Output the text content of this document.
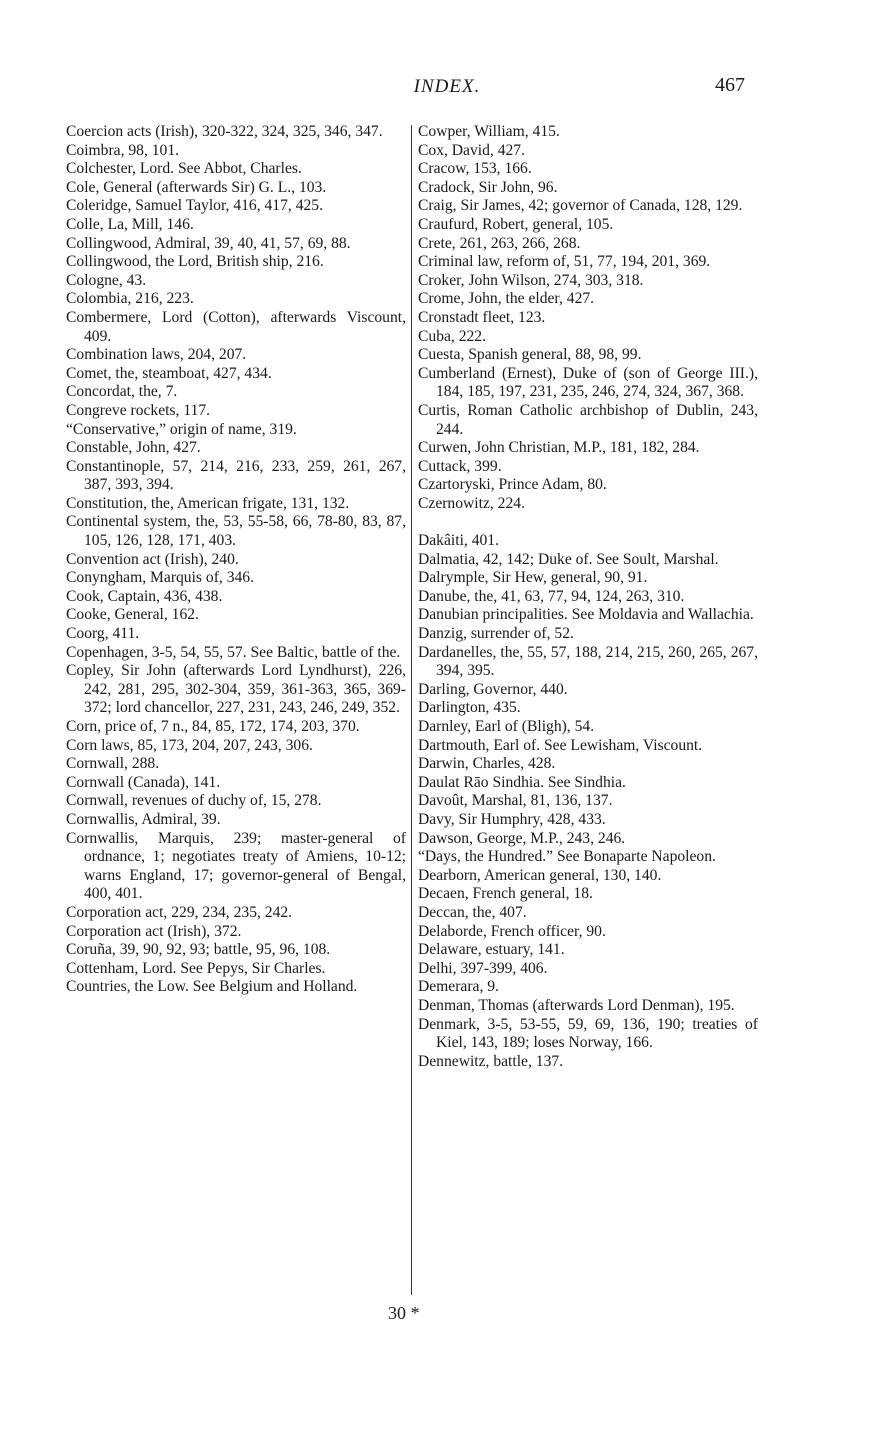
INDEX.	467
Coercion acts (Irish), 320-322, 324, 325, 346, 347.
Coimbra, 98, 101.
Colchester, Lord. See Abbot, Charles.
Cole, General (afterwards Sir) G. L., 103.
Coleridge, Samuel Taylor, 416, 417, 425.
Colle, La, Mill, 146.
Collingwood, Admiral, 39, 40, 41, 57, 69, 88.
Collingwood, the Lord, British ship, 216.
Cologne, 43.
Colombia, 216, 223.
Combermere, Lord (Cotton), afterwards Viscount, 409.
Combination laws, 204, 207.
Comet, the, steamboat, 427, 434.
Concordat, the, 7.
Congreve rockets, 117.
“Conservative,” origin of name, 319.
Constable, John, 427.
Constantinople, 57, 214, 216, 233, 259, 261, 267, 387, 393, 394.
Constitution, the, American frigate, 131, 132.
Continental system, the, 53, 55-58, 66, 78-80, 83, 87, 105, 126, 128, 171, 403.
Convention act (Irish), 240.
Conyngham, Marquis of, 346.
Cook, Captain, 436, 438.
Cooke, General, 162.
Coorg, 411.
Copenhagen, 3-5, 54, 55, 57. See Baltic, battle of the.
Copley, Sir John (afterwards Lord Lyndhurst), 226, 242, 281, 295, 302-304, 359, 361-363, 365, 369-372; lord chancellor, 227, 231, 243, 246, 249, 352.
Corn, price of, 7 n., 84, 85, 172, 174, 203, 370.
Corn laws, 85, 173, 204, 207, 243, 306.
Cornwall, 288.
Cornwall (Canada), 141.
Cornwall, revenues of duchy of, 15, 278.
Cornwallis, Admiral, 39.
Cornwallis, Marquis, 239; master-general of ordnance, 1; negotiates treaty of Amiens, 10-12; warns England, 17; governor-general of Bengal, 400, 401.
Corporation act, 229, 234, 235, 242.
Corporation act (Irish), 372.
Coruña, 39, 90, 92, 93; battle, 95, 96, 108.
Cottenham, Lord. See Pepys, Sir Charles.
Countries, the Low. See Belgium and Holland.
Cowper, William, 415.
Cox, David, 427.
Cracow, 153, 166.
Cradock, Sir John, 96.
Craig, Sir James, 42; governor of Canada, 128, 129.
Craufurd, Robert, general, 105.
Crete, 261, 263, 266, 268.
Criminal law, reform of, 51, 77, 194, 201, 369.
Croker, John Wilson, 274, 303, 318.
Crome, John, the elder, 427.
Cronstadt fleet, 123.
Cuba, 222.
Cuesta, Spanish general, 88, 98, 99.
Cumberland (Ernest), Duke of (son of George III.), 184, 185, 197, 231, 235, 246, 274, 324, 367, 368.
Curtis, Roman Catholic archbishop of Dublin, 243, 244.
Curwen, John Christian, M.P., 181, 182, 284.
Cuttack, 399.
Czartoryski, Prince Adam, 80.
Czernowitz, 224.
Dakâiti, 401.
Dalmatia, 42, 142; Duke of. See Soult, Marshal.
Dalrymple, Sir Hew, general, 90, 91.
Danube, the, 41, 63, 77, 94, 124, 263, 310.
Danubian principalities. See Moldavia and Wallachia.
Danzig, surrender of, 52.
Dardanelles, the, 55, 57, 188, 214, 215, 260, 265, 267, 394, 395.
Darling, Governor, 440.
Darlington, 435.
Darnley, Earl of (Bligh), 54.
Dartmouth, Earl of. See Lewisham, Viscount.
Darwin, Charles, 428.
Daulat Rāo Sindhia. See Sindhia.
Davoût, Marshal, 81, 136, 137.
Davy, Sir Humphry, 428, 433.
Dawson, George, M.P., 243, 246.
“Days, the Hundred.” See Bonaparte Napoleon.
Dearborn, American general, 130, 140.
Decaen, French general, 18.
Deccan, the, 407.
Delaborde, French officer, 90.
Delaware, estuary, 141.
Delhi, 397-399, 406.
Demerara, 9.
Denman, Thomas (afterwards Lord Denman), 195.
Denmark, 3-5, 53-55, 59, 69, 136, 190; treaties of Kiel, 143, 189; loses Norway, 166.
Dennewitz, battle, 137.
30 *
